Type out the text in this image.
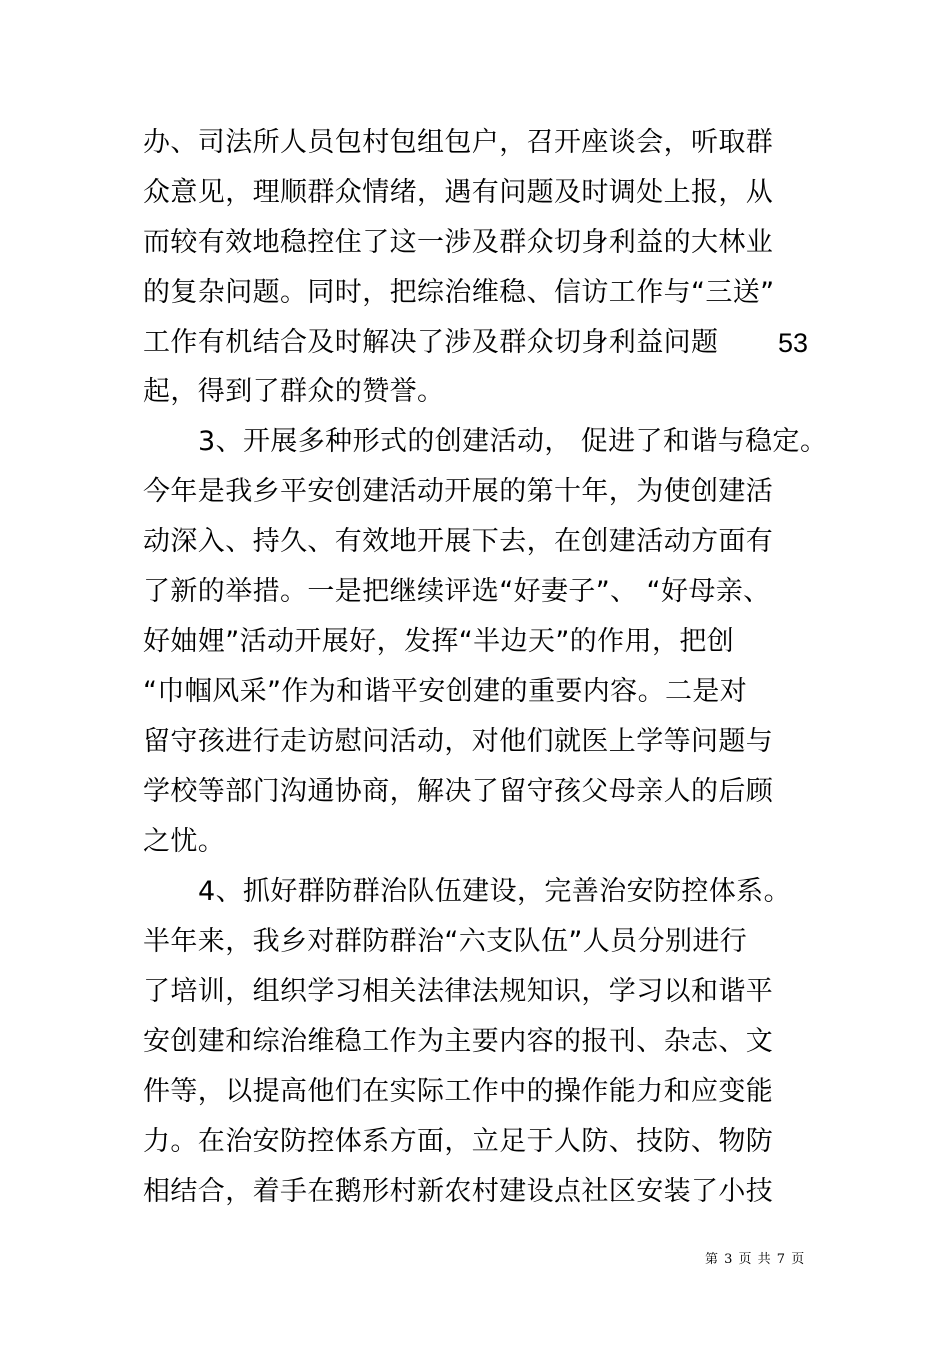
办、司法所人员包村包组包户，召开座谈会，听取群
众意见，理顺群众情绪，遇有问题及时调处上报，从
而较有效地稳控住了这一涉及群众切身利益的大林业
的复杂问题。同时，把综治维稳、信访工作与“三送”
工作有机结合及时解决了涉及群众切身利益问题 53
起，得到了群众的赞誉。
3、开展多种形式的创建活动， 促进了和谐与稳定。
今年是我乡平安创建活动开展的第十年，为使创建活
动深入、持久、有效地开展下去，在创建活动方面有
了新的举措。一是把继续评选“好妻子”、 “好母亲、
好妯娌”活动开展好，发挥“半边天”的作用，把创
“巾帼风采”作为和谐平安创建的重要内容。二是对
留守孩进行走访慰问活动，对他们就医上学等问题与
学校等部门沟通协商，解决了留守孩父母亲人的后顾
之忧。
4、抓好群防群治队伍建设，完善治安防控体系。
半年来，我乡对群防群治“六支队伍”人员分别进行
了培训，组织学习相关法律法规知识，学习以和谐平
安创建和综治维稳工作为主要内容的报刊、杂志、文
件等，以提高他们在实际工作中的操作能力和应变能
力。在治安防控体系方面，立足于人防、技防、物防
相结合，着手在鹅形村新农村建设点社区安装了小技
第 3 页 共 7 页
